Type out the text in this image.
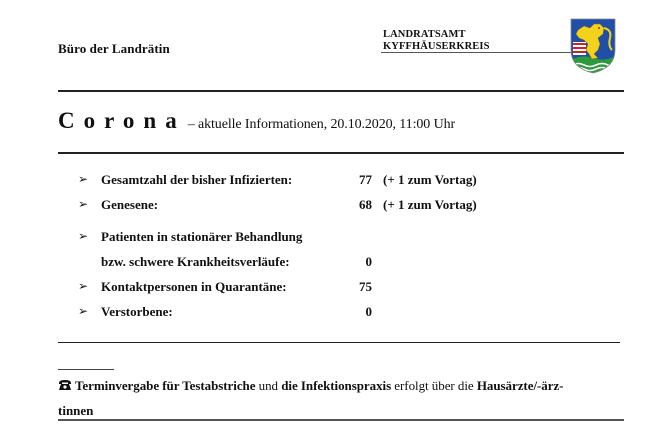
Büro der Landrätin
LANDRATSAMT
KYFFHÄUSERKREIS
Corona – aktuelle Informationen, 20.10.2020, 11:00 Uhr
➢ Gesamtzahl der bisher Infizierten:	77 (+ 1 zum Vortag)
➢ Genesene:	68 (+ 1 zum Vortag)
➢ Patienten in stationärer Behandlung
bzw. schwere Krankheitsverläufe:	0
➢ Kontaktpersonen in Quarantäne:	75
➢ Verstorbene:	0
Terminvergabe für Testabstriche und die Infektionspraxis erfolgt über die Hausärzte/-ärz-
tinnen
